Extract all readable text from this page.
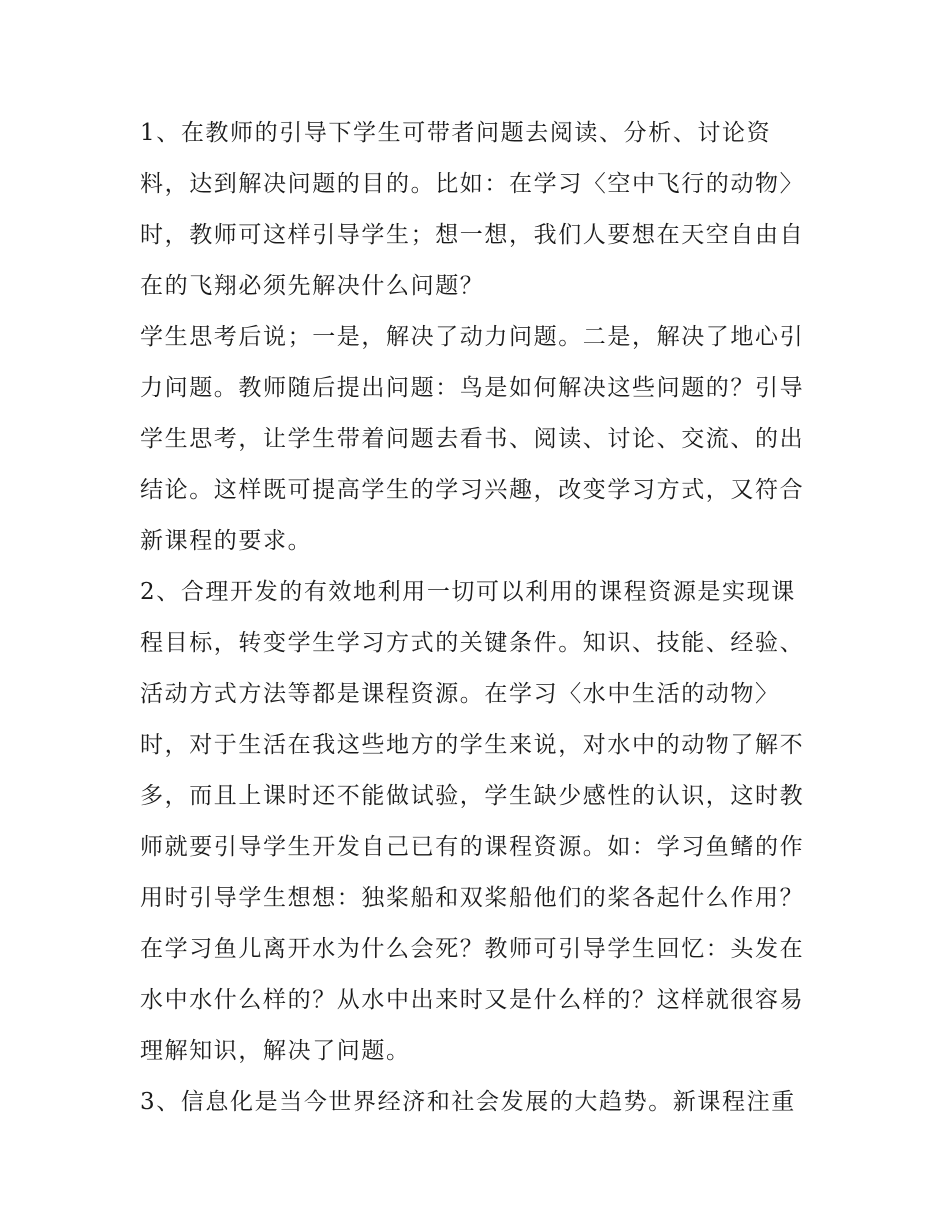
1、在教师的引导下学生可带者问题去阅读、分析、讨论资
料，达到解决问题的目的。比如：在学习〈空中飞行的动物〉
时，教师可这样引导学生；想一想，我们人要想在天空自由自
在的飞翔必须先解决什么问题？
学生思考后说；一是，解决了动力问题。二是，解决了地心引
力问题。教师随后提出问题：鸟是如何解决这些问题的？引导
学生思考，让学生带着问题去看书、阅读、讨论、交流、的出
结论。这样既可提高学生的学习兴趣，改变学习方式，又符合
新课程的要求。
2、合理开发的有效地利用一切可以利用的课程资源是实现课
程目标，转变学生学习方式的关键条件。知识、技能、经验、
活动方式方法等都是课程资源。在学习〈水中生活的动物〉
时，对于生活在我这些地方的学生来说，对水中的动物了解不
多，而且上课时还不能做试验，学生缺少感性的认识，这时教
师就要引导学生开发自己已有的课程资源。如：学习鱼鳍的作
用时引导学生想想：独桨船和双桨船他们的桨各起什么作用？
在学习鱼儿离开水为什么会死？教师可引导学生回忆：头发在
水中水什么样的？从水中出来时又是什么样的？这样就很容易
理解知识，解决了问题。
3、信息化是当今世界经济和社会发展的大趋势。新课程注重
